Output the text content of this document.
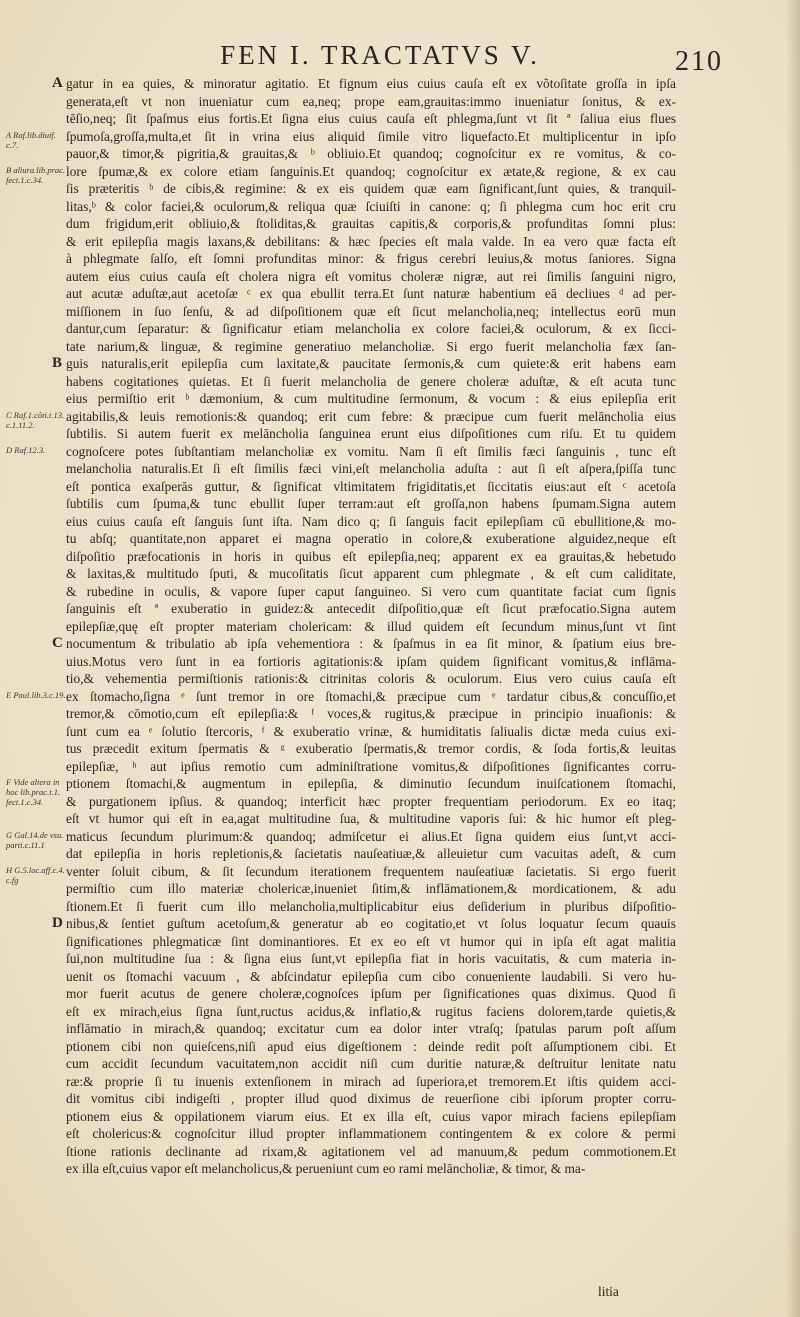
FEN I. TRACTATVS V.	210
A Raf.lib.diuif. c.7.
B aliura.lib.prac. fect.1.c.34.
C Raf.1.cõti.t.13. c.1.11.2.
D Raf.12.3.
E Paul.lib.3.c.19.
F Vide altera in hoc lib.prac.t.1. fect.1.c.34.
G Gal.14.de vsu. parti.c.11.1
H G.5.loc.aff.c.4. c.fg
A gatur in ea quies, & minoratur agitatio. Et fignum eius cuius cauſa eſt ex võtoſitate groſſa in ipſa
generata,eſt vt non inueniatur cum ea,neq; prope eam,grauitas:immo inueniatur ſonitus, & ex-
tēſio,neq; ſit ſpaſmus eius fortis.Et ſigna eius cuius cauſa eſt phlegma,ſunt vt ſit ª ſaliua eius flues
ſpumoſa,groſſa,multa,et ſit in vrina eius aliquid ſimile vitro liquefacto.Et multiplicentur in ipſo
pauor,& timor,& pigritia,& grauitas,& ᵇ obliuio.Et quandoq; cognoſcitur ex re vomitus, & co-
lore ſpumæ,& ex colore etiam ſanguinis.Et quandoq; cognoſcitur ex ætate,& regione, & ex cau
ſis præteritis ᵇ de cibis,& regimine: & ex eis quidem quæ eam ſignificant,ſunt quies, & tranquil-
litas,ᵇ & color faciei,& oculorum,& reliqua quæ ſciuiſti in canone: q; ſi phlegma cum hoc erit cru
dum frigidum,erit obliuio,& ſtoliditas,& grauitas capitis,& corporis,& profunditas ſomni plus:
& erit epilepſia magis laxans,& debilitans: & hæc ſpecies eſt mala valde. In ea vero quæ facta eſt
à phlegmate ſalſo, eſt ſomni profunditas minor: & frigus cerebri leuius,& motus ſaniores. Signa
autem eius cuius cauſa eſt cholera nigra eſt vomitus choleræ nigræ, aut rei ſimilis ſanguini nigro,
aut acutæ aduſtæ,aut acetoſæ ᶜ ex qua ebullit terra.Et ſunt naturæ habentium eā decliues ᵈ ad per-
miſſionem in ſuo ſenſu, & ad diſpoſitionem quæ eſt ſicut melancholia,neq; intellectus eorū mun
dantur,cum ſeparatur: & ſignificatur etiam melancholia ex colore faciei,& oculorum, & ex ſicci-
tate narium,& linguæ, & regimine generatiuo melancholiæ. Si ergo fuerit melancholia fæx ſan-
B guis naturalis,erit epilepſia cum laxitate,& paucitate ſermonis,& cum quiete:& erit habens eam
habens cogitationes quietas. Et ſi fuerit melancholia de genere choleræ aduſtæ, & eſt acuta tunc
eius permiſtio erit ᵇ dæmonium, & cum multitudine ſermonum, & vocum : & eius epilepſia erit
agitabilis,& leuis remotionis:& quandoq; erit cum febre: & præcipue cum fuerit melāncholia eius
ſubtilis. Si autem fuerit ex melāncholia ſanguinea erunt eius diſpoſitiones cum riſu. Et tu quidem
cognoſcere potes ſubſtantiam melancholiæ ex vomitu. Nam ſi eſt ſimilis fæci ſanguinis , tunc eſt
melancholia naturalis.Et ſi eſt ſimilis fæci vini,eſt melancholia aduſta : aut ſi eſt aſpera,ſpiſſa tunc
eſt pontica exaſperās guttur, & ſignificat vltimitatem frigiditatis,et ſiccitatis eius:aut eſt ᶜ acetoſa
ſubtilis cum ſpuma,& tunc ebullit ſuper terram:aut eſt groſſa,non habens ſpumam.Signa autem
eius cuius cauſa eſt ſanguis ſunt iſta. Nam dico q; ſi ſanguis facit epilepſiam cū ebullitione,& mo-
tu abſq; quantitate,non apparet ei magna operatio in colore,& exuberatione alguidez,neque eſt
diſpoſitio præfocationis in horis in quibus eſt epilepſia,neq; apparent ex ea grauitas,& hebetudo
& laxitas,& multitudo ſputi, & mucoſitatis ſicut apparent cum phlegmate , & eſt cum caliditate,
& rubedine in oculis, & vapore ſuper caput ſanguineo. Si vero cum quantitate faciat cum ſignis
ſanguinis eſt ª exuberatio in guidez:& antecedit diſpoſitio,quæ eſt ſicut præfocatio.Signa autem
epilepſiæ,quę eſt propter materiam cholericam: & illud quidem eſt ſecundum minus,ſunt vt ſint
C nocumentum & tribulatio ab ipſa vehementiora : & ſpaſmus in ea ſit minor, & ſpatium eius bre-
uius.Motus vero ſunt in ea fortioris agitationis:& ipſam quidem ſignificant vomitus,& inflāma-
tio,& vehementia permiſtionis rationis:& citrinitas coloris & oculorum. Eius vero cuius cauſa eſt
ex ſtomacho,ſigna ᵉ ſunt tremor in ore ſtomachi,& præcipue cum ᵉ tardatur cibus,& concuſſio,et
tremor,& cōmotio,cum eſt epilepſia:& ᶠ voces,& rugitus,& præcipue in principio inuaſionis: &
ſunt cum ea ᵉ ſolutio ſtercoris, ᶠ & exuberatio vrinæ, & humiditatis ſaliualis dictæ meda cuius exi-
tus præcedit exitum ſpermatis & ᵍ exuberatio ſpermatis,& tremor cordis, & ſoda fortis,& leuitas
epilepſiæ, ʰ aut ipſius remotio cum adminiſtratione vomitus,& diſpoſitiones ſignificantes corru-
ptionem ſtomachi,& augmentum in epilepſia, & diminutio ſecundum inuiſcationem ſtomachi,
& purgationem ipſius. & quandoq; interficit hæc propter frequentiam periodorum. Ex eo itaq;
eſt vt humor qui eſt in ea,agat multitudine ſua, & multitudine vaporis ſui: & hic humor eſt pleg-
maticus ſecundum plurimum:& quandoq; admiſcetur ei alius.Et ſigna quidem eius ſunt,vt acci-
dat epilepſia in horis repletionis,& ſacietatis nauſeatiuæ,& alleuietur cum vacuitas adeſt, & cum
venter ſoluit cibum, & ſit ſecundum iterationem frequentem nauſeatiuæ ſacietatis. Si ergo fuerit
permiſtio cum illo materiæ cholericæ,inueniet ſitim,& inflāmationem,& mordicationem, & adu
ſtionem.Et ſi fuerit cum illo melancholia,multiplicabitur eius deſiderium in pluribus diſpoſitio-
D nibus,& ſentiet guſtum acetoſum,& generatur ab eo cogitatio,et vt ſolus loquatur ſecum quauis
ſignificationes phlegmaticæ ſint dominantiores. Et ex eo eſt vt humor qui in ipſa eſt agat malitia
ſui,non multitudine ſua : & ſigna eius ſunt,vt epilepſia fiat in horis vacuitatis, & cum materia in-
uenit os ſtomachi vacuum , & abſcindatur epilepſia cum cibo conueniente laudabili. Si vero hu-
mor fuerit acutus de genere choleræ,cognoſces ipſum per ſignificationes quas diximus. Quod ſi
eſt ex mirach,eius ſigna ſunt,ructus acidus,& inflatio,& rugitus faciens dolorem,tarde quietis,&
inflāmatio in mirach,& quandoq; excitatur cum ea dolor inter vtraſq; ſpatulas parum poſt aſſum
ptionem cibi non quieſcens,niſi apud eius digeſtionem : deinde redit poſt aſſumptionem cibi. Et
cum accidit ſecundum vacuitatem,non accidit niſi cum duritie naturæ,& deſtruitur lenitate natu
ræ:& proprie ſi tu inuenis extenſionem in mirach ad ſuperiora,et tremorem.Et iſtis quidem acci-
dit vomitus cibi indigeſti , propter illud quod diximus de reuerſione cibi ipſorum propter corru-
ptionem eius & oppilationem viarum eius. Et ex illa eſt, cuius vapor mirach faciens epilepſiam
eſt cholericus:& cognoſcitur illud propter inflammationem contingentem & ex colore & permi
ſtione rationis declinante ad rixam,& agitationem vel ad manuum,& pedum commotionem.Et
ex illa eſt,cuius vapor eſt melancholicus,& perueniunt cum eo rami melāncholiæ, & timor, & ma-
litia
